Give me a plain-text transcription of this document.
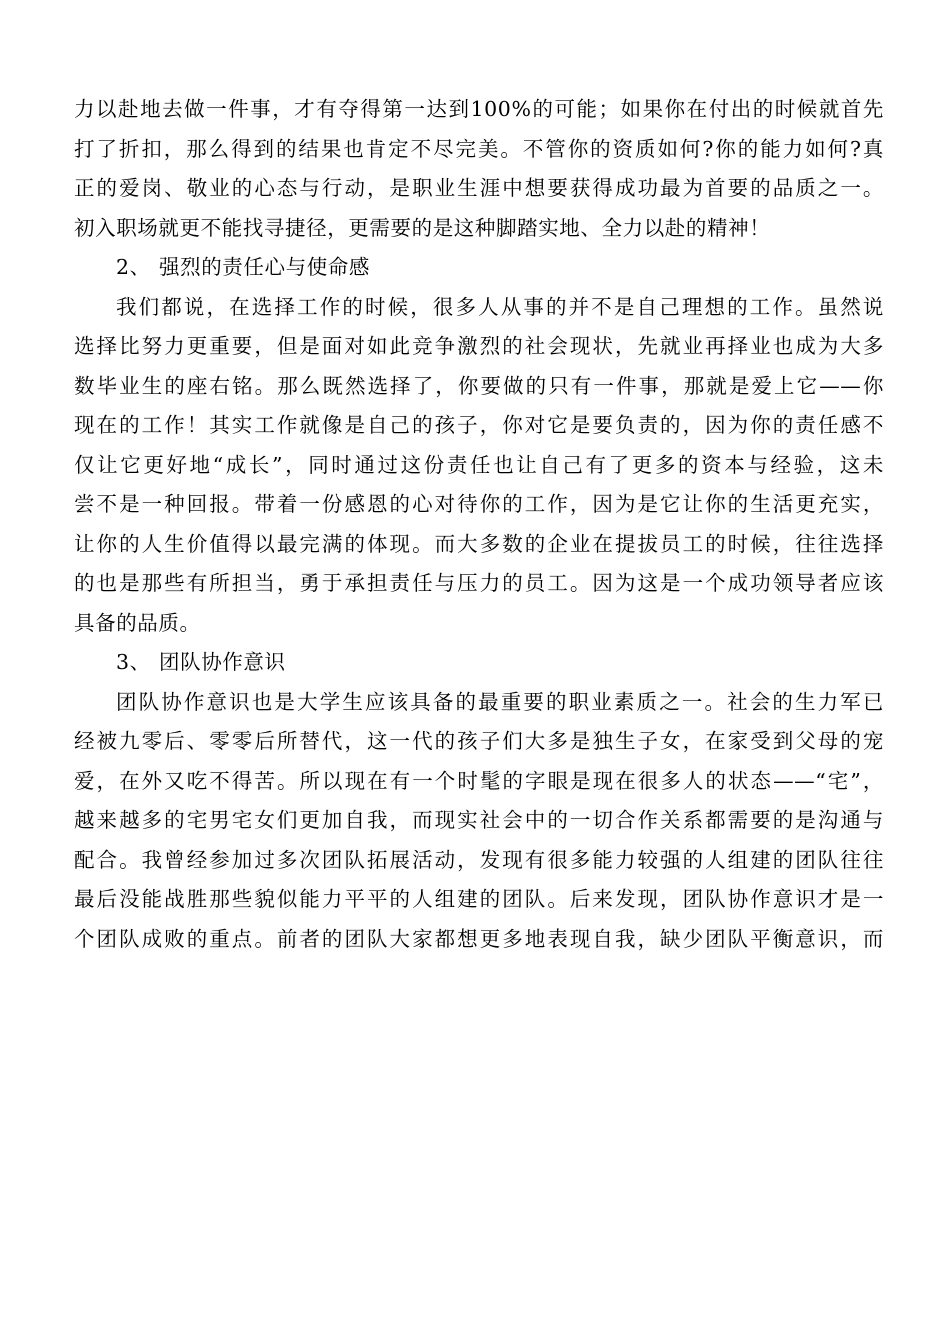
力以赴地去做一件事，才有夺得第一达到100%的可能；如果你在付出的时候就首先
打了折扣，那么得到的结果也肯定不尽完美。不管你的资质如何?你的能力如何?真
正的爱岗、敬业的心态与行动，是职业生涯中想要获得成功最为首要的品质之一。
初入职场就更不能找寻捷径，更需要的是这种脚踏实地、全力以赴的精神！
2、 强烈的责任心与使命感
我们都说，在选择工作的时候，很多人从事的并不是自己理想的工作。虽然说
选择比努力更重要，但是面对如此竞争激烈的社会现状，先就业再择业也成为大多
数毕业生的座右铭。那么既然选择了，你要做的只有一件事，那就是爱上它——你
现在的工作！其实工作就像是自己的孩子，你对它是要负责的，因为你的责任感不
仅让它更好地“成长”，同时通过这份责任也让自己有了更多的资本与经验，这未
尝不是一种回报。带着一份感恩的心对待你的工作，因为是它让你的生活更充实，
让你的人生价值得以最完满的体现。而大多数的企业在提拔员工的时候，往往选择
的也是那些有所担当，勇于承担责任与压力的员工。因为这是一个成功领导者应该
具备的品质。
3、 团队协作意识
团队协作意识也是大学生应该具备的最重要的职业素质之一。社会的生力军已
经被九零后、零零后所替代，这一代的孩子们大多是独生子女，在家受到父母的宠
爱，在外又吃不得苦。所以现在有一个时髦的字眼是现在很多人的状态——“宅”，
越来越多的宅男宅女们更加自我，而现实社会中的一切合作关系都需要的是沟通与
配合。我曾经参加过多次团队拓展活动，发现有很多能力较强的人组建的团队往往
最后没能战胜那些貌似能力平平的人组建的团队。后来发现，团队协作意识才是一
个团队成败的重点。前者的团队大家都想更多地表现自我，缺少团队平衡意识，而
